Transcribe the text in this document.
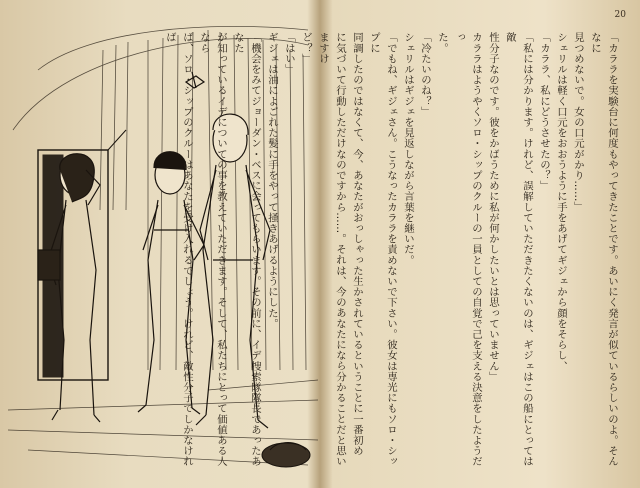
20

「カララを実験台に何度もやってきたことです。あいにく発言が似ているらしいのよ。そんなに

見つめないで。女の口元がかり……」

シェリルは軽く口元をおおうように手をあげてギジェから顔をそらし、

「カララ、私にどうさせたの？」

「私には分かります。けれど、誤解していただきたくないのは、ギジェはこの船にとっては敵

性分子なのです。彼をかばうために私が何かしたいとは思っていません」

カララはようやくソロ・シップのクルーの一員としての自覚で己を支える決意をしたようだっ

た。

「冷たいのね？」

シェリルはギジェを見返しながら言葉を継いだ。

「でもね、ギジェさん。こうなったカララを責めないで下さい。彼女は専光にもソロ・シップに

同調したのではなくて、今、あなたがおっしゃった生かされているということに一番初め

に気づいて行動しただけなのですから……。それは、今のあなたになら分かることだと思いますけ

ど？」

「はい」

ギジェは油によごれた髪に手をやって掻きあげるようにした。

「機会をみてジョーダン・ベスに会ってもらいます。その前に、イデ捜索隊隊長であったあなた

が知っているイデについての事を教えていただきます。そして、私たちにとって価値ある人なら

ば、ソロ・シップのクルーはあなたを受け入れるでしょう。けれど、敵性分子でしかなければ
